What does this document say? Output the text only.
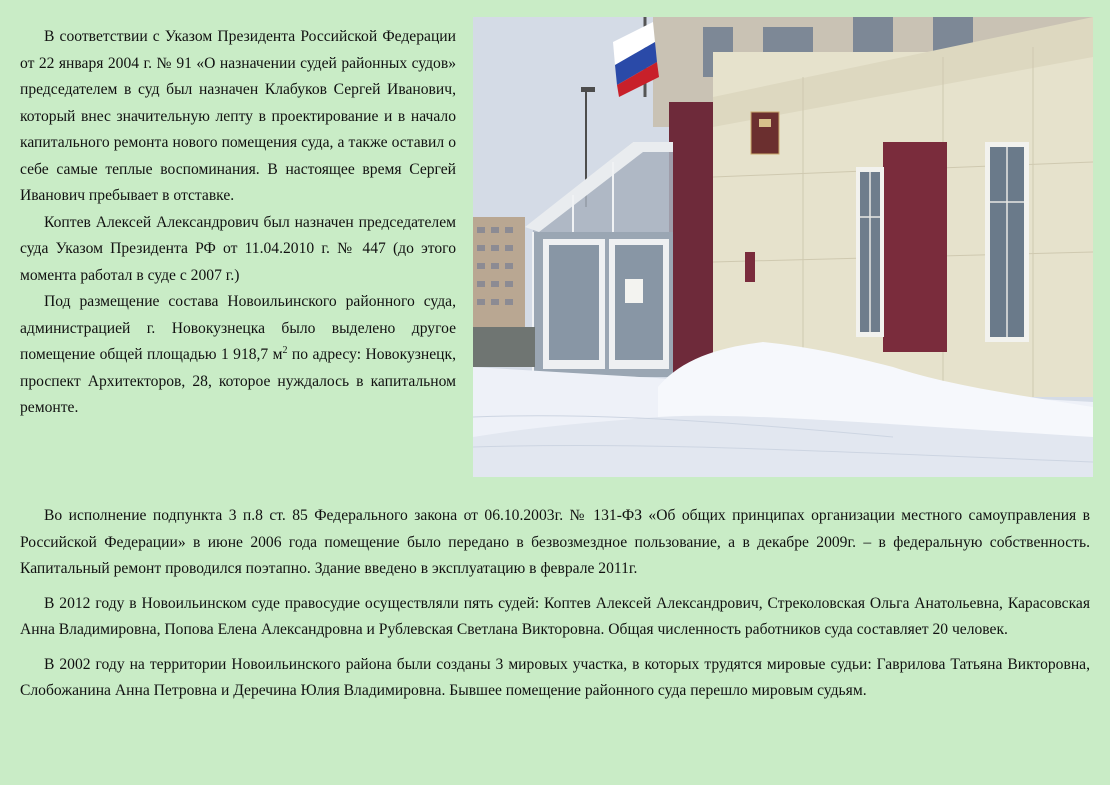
В соответствии с Указом Президента Российской Федерации от 22 января 2004 г. № 91 «О назначении судей районных судов» председателем в суд был назначен Клабуков Сергей Иванович, который внес значительную лепту в проектирование и в начало капитального ремонта нового помещения суда, а также оставил о себе самые теплые воспоминания. В настоящее время Сергей Иванович пребывает в отставке.

Коптев Алексей Александрович был назначен председателем суда Указом Президента РФ от 11.04.2010 г. № 447 (до этого момента работал в суде с 2007 г.)

Под размещение состава Новоильинского районного суда, администрацией г. Новокузнецка было выделено другое помещение общей площадью 1 918,7 $м^2$ по адресу: Новокузнецк, проспект Архитекторов, 28, которое нуждалось в капитальном ремонте.

Во исполнение подпункта 3 п.8 ст. 85 Федерального закона от 06.10.2003г. № 131-ФЗ «Об общих принципах организации местного самоуправления в Российской Федерации» в июне 2006 года помещение было передано в безвозмездное пользование, а в декабре 2009г. – в федеральную собственность. Капитальный ремонт проводился поэтапно. Здание введено в эксплуатацию в феврале 2011г.

В 2012 году в Новоильинском суде правосудие осуществляли пять судей: Коптев Алексей Александрович, Стреколовская Ольга Анатольевна, Карасовская Анна Владимировна, Попова Елена Александровна и Рублевская Светлана Викторовна. Общая численность работников суда составляет 20 человек.

В 2002 году на территории Новоильинского района были созданы 3 мировых участка, в которых трудятся мировые судьи: Гаврилова Татьяна Викторовна, Слобожанина Анна Петровна и Деречина Юлия Владимировна. Бывшее помещение районного суда перешло мировым судьям.
